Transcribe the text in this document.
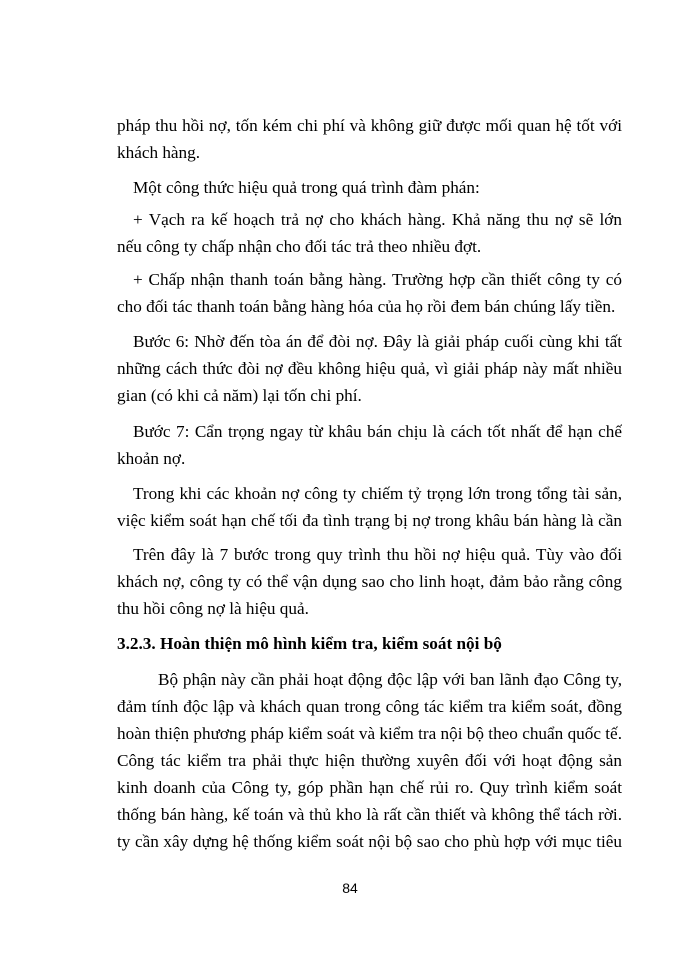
pháp thu hồi nợ, tốn kém chi phí và không giữ được mối quan hệ tốt với
khách hàng.
Một công thức hiệu quả trong quá trình đàm phán:
+ Vạch ra kế hoạch trả nợ cho khách hàng. Khả năng thu nợ sẽ lớn
nếu công ty chấp nhận cho đối tác trả theo nhiều đợt.
+ Chấp nhận thanh toán bằng hàng. Trường hợp cần thiết công ty có
cho đối tác thanh toán bằng hàng hóa của họ rồi đem bán chúng lấy tiền.
Bước 6: Nhờ đến tòa án để đòi nợ. Đây là giải pháp cuối cùng khi tất
những cách thức đòi nợ đều không hiệu quả, vì giải pháp này mất nhiều
gian (có khi cả năm) lại tốn chi phí.
Bước 7: Cẩn trọng ngay từ khâu bán chịu là cách tốt nhất để hạn chế
khoản nợ.
Trong khi các khoản nợ công ty chiếm tỷ trọng lớn trong tổng tài sản,
việc kiểm soát hạn chế tối đa tình trạng bị nợ trong khâu bán hàng là cần
Trên đây là 7 bước trong quy trình thu hồi nợ hiệu quả. Tùy vào đối
khách nợ, công ty có thể vận dụng sao cho linh hoạt, đảm bảo rằng công
thu hồi công nợ là hiệu quả.
3.2.3. Hoàn thiện mô hình kiểm tra, kiểm soát nội bộ
Bộ phận này cần phải hoạt động độc lập với ban lãnh đạo Công ty,
đảm tính độc lập và khách quan trong công tác kiểm tra kiểm soát, đồng
hoàn thiện phương pháp kiểm soát và kiểm tra nội bộ theo chuẩn quốc tế.
Công tác kiểm tra phải thực hiện thường xuyên đối với hoạt động sản
kinh doanh của Công ty, góp phần hạn chế rủi ro. Quy trình kiểm soát
thống bán hàng, kế toán và thủ kho là rất cần thiết và không thể tách rời.
ty cần xây dựng hệ thống kiểm soát nội bộ sao cho phù hợp với mục tiêu
84
